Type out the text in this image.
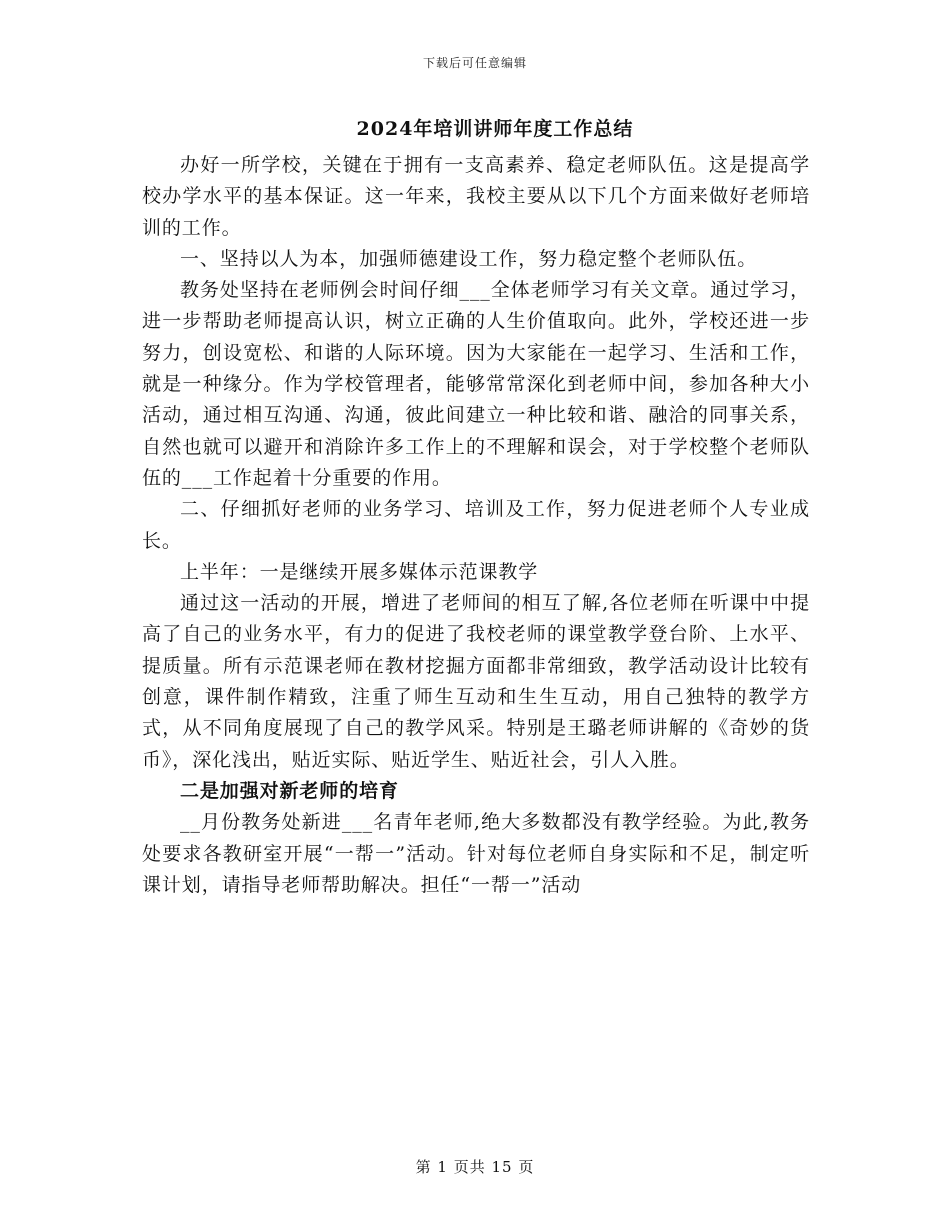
下载后可任意编辑
2024年培训讲师年度工作总结

办好一所学校，关键在于拥有一支高素养、稳定老师队伍。这是提高学校办学水平的基本保证。这一年来，我校主要从以下几个方面来做好老师培训的工作。

一、坚持以人为本，加强师德建设工作，努力稳定整个老师队伍。

教务处坚持在老师例会时间仔细___全体老师学习有关文章。通过学习，进一步帮助老师提高认识，树立正确的人生价值取向。此外，学校还进一步努力，创设宽松、和谐的人际环境。因为大家能在一起学习、生活和工作，就是一种缘分。作为学校管理者，能够常常深化到老师中间，参加各种大小活动，通过相互沟通、沟通，彼此间建立一种比较和谐、融洽的同事关系，自然也就可以避开和消除许多工作上的不理解和误会，对于学校整个老师队伍的___工作起着十分重要的作用。

二、仔细抓好老师的业务学习、培训及工作，努力促进老师个人专业成长。

上半年：一是继续开展多媒体示范课教学

通过这一活动的开展，增进了老师间的相互了解,各位老师在听课中中提高了自己的业务水平，有力的促进了我校老师的课堂教学登台阶、上水平、提质量。所有示范课老师在教材挖掘方面都非常细致，教学活动设计比较有创意，课件制作精致，注重了师生互动和生生互动，用自己独特的教学方式，从不同角度展现了自己的教学风采。特别是王璐老师讲解的《奇妙的货币》，深化浅出，贴近实际、贴近学生、贴近社会，引人入胜。

二是加强对新老师的培育

__月份教务处新进___名青年老师,绝大多数都没有教学经验。为此,教务处要求各教研室开展“一帮一”活动。针对每位老师自身实际和不足，制定听课计划，请指导老师帮助解决。担任“一帮一”活动

第 1 页共 15 页
